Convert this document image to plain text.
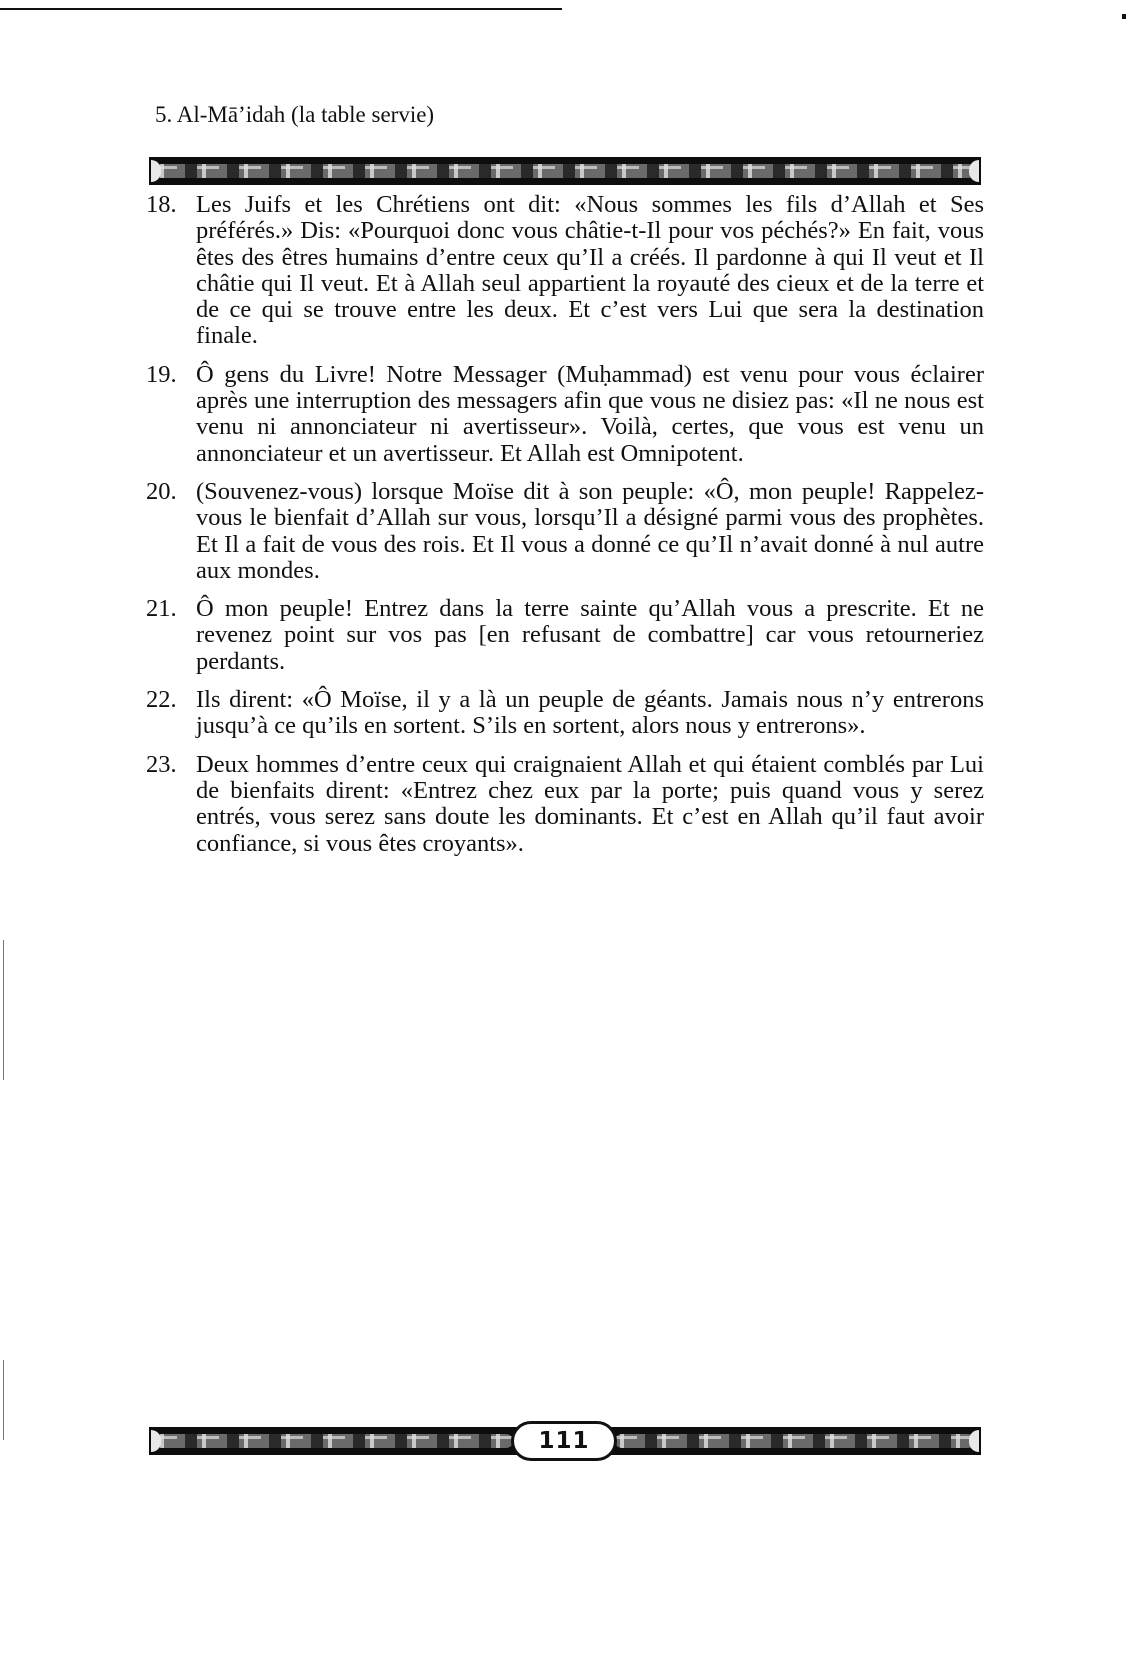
5. Al-Mā’idah (la table servie)
18. Les Juifs et les Chrétiens ont dit: «Nous sommes les fils d’Allah et Ses préférés.» Dis: «Pourquoi donc vous châtie-t-Il pour vos péchés?» En fait, vous êtes des êtres humains d’entre ceux qu’Il a créés. Il pardonne à qui Il veut et Il châtie qui Il veut. Et à Allah seul appartient la royauté des cieux et de la terre et de ce qui se trouve entre les deux. Et c’est vers Lui que sera la destination finale.
19. Ô gens du Livre! Notre Messager (Muḥammad) est venu pour vous éclairer après une interruption des messagers afin que vous ne disiez pas: «Il ne nous est venu ni annonciateur ni avertisseur». Voilà, certes, que vous est venu un annonciateur et un avertisseur. Et Allah est Omnipotent.
20. (Souvenez-vous) lorsque Moïse dit à son peuple: «Ô, mon peuple! Rappelez-vous le bienfait d’Allah sur vous, lorsqu’Il a désigné parmi vous des prophètes. Et Il a fait de vous des rois. Et Il vous a donné ce qu’Il n’avait donné à nul autre aux mondes.
21. Ô mon peuple! Entrez dans la terre sainte qu’Allah vous a prescrite. Et ne revenez point sur vos pas [en refusant de combattre] car vous retourneriez perdants.
22. Ils dirent: «Ô Moïse, il y a là un peuple de géants. Jamais nous n’y entrerons jusqu’à ce qu’ils en sortent. S’ils en sortent, alors nous y entrerons».
23. Deux hommes d’entre ceux qui craignaient Allah et qui étaient comblés par Lui de bienfaits dirent: «Entrez chez eux par la porte; puis quand vous y serez entrés, vous serez sans doute les dominants. Et c’est en Allah qu’il faut avoir confiance, si vous êtes croyants».
111
